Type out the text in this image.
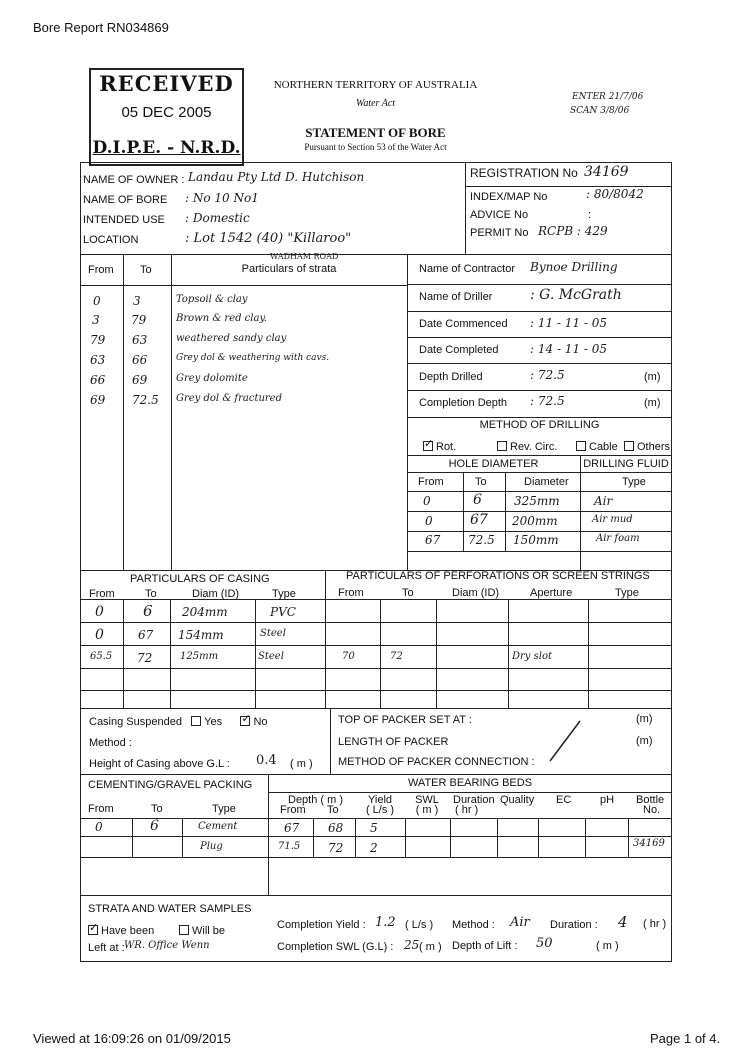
Bore Report RN034869
RECEIVED
05 DEC 2005
D.I.P.E. - N.R.D.
NORTHERN TERRITORY OF AUSTRALIA
Water Act
STATEMENT OF BORE
Pursuant to Section 53 of the Water Act
ENTER 21/7/06
SCAN 3/8/06
NAME OF OWNER : Landau Pty Ltd D. Hutchison
NAME OF BORE : No 10 No1
INTENDED USE : Domestic
LOCATION	: Lot 1542 (40) "Killaroo"
WADHAM ROAD
REGISTRATION No 34169
INDEX/MAP No	: 80/8042
ADVICE No	:
PERMIT No RCPB : 429
From To	Particulars of strata
0	3	Topsoil & clay
3	79	Brown & red clay.
79 63	weathered sandy clay
63 66	Grey dol & weathering with cavs.
66 69	Grey dolomite
69 72.5 Grey dol & fractured
Name of Contractor Bynoe Drilling
Name of Driller	: G. McGrath
Date Commenced : 11 - 11 - 05
Date Completed	: 14 - 11 - 05
Depth Drilled	: 72.5	(m)
Completion Depth : 72.5	(m)
METHOD OF DRILLING
✓Rot.	Rev. Circ.	Cable	Others
HOLE DIAMETER	DRILLING FLUID
From	To	Diameter	Type
0	6	325mm	Air
0	67 200mm	Air mud
67 72.5 150mm	Air foam
PARTICULARS OF CASING
From	To	Diam (ID)	Type
PARTICULARS OF PERFORATIONS OR SCREEN STRINGS
From	To	Diam (ID)	Aperture	Type
0	6 204mm	PVC
0	67 154mm	Steel
65.5 72	125mm	Steel	70	72	Dry slot
Casing Suspended Yes      ✓	No
Method :
Height of Casing above G.L : 0.4 ( m )
TOP OF PACKER SET AT :	(m)
LENGTH OF PACKER	(m)
METHOD OF PACKER CONNECTION :
CEMENTING/GRAVEL PACKING
From	To	Type
WATER BEARING BEDS
Depth ( m )
From To
Yield
( L/s )
SWL
( m )
Duration
( hr )
Quality EC	pH Bottle
No.
0	6	Cement
Plug
67 68 5
71.5 72 2	34169
STRATA AND WATER SAMPLES
✓Have been	Will be
Left at : WR. Office Wenn
Completion Yield : 1.2 ( L/s ) Method : Air Duration : 4 ( hr )
Completion SWL (G.L) : 25 ( m ) Depth of Lift : 50	( m )
Viewed at 16:09:26 on 01/09/2015	Page 1 of 4.
